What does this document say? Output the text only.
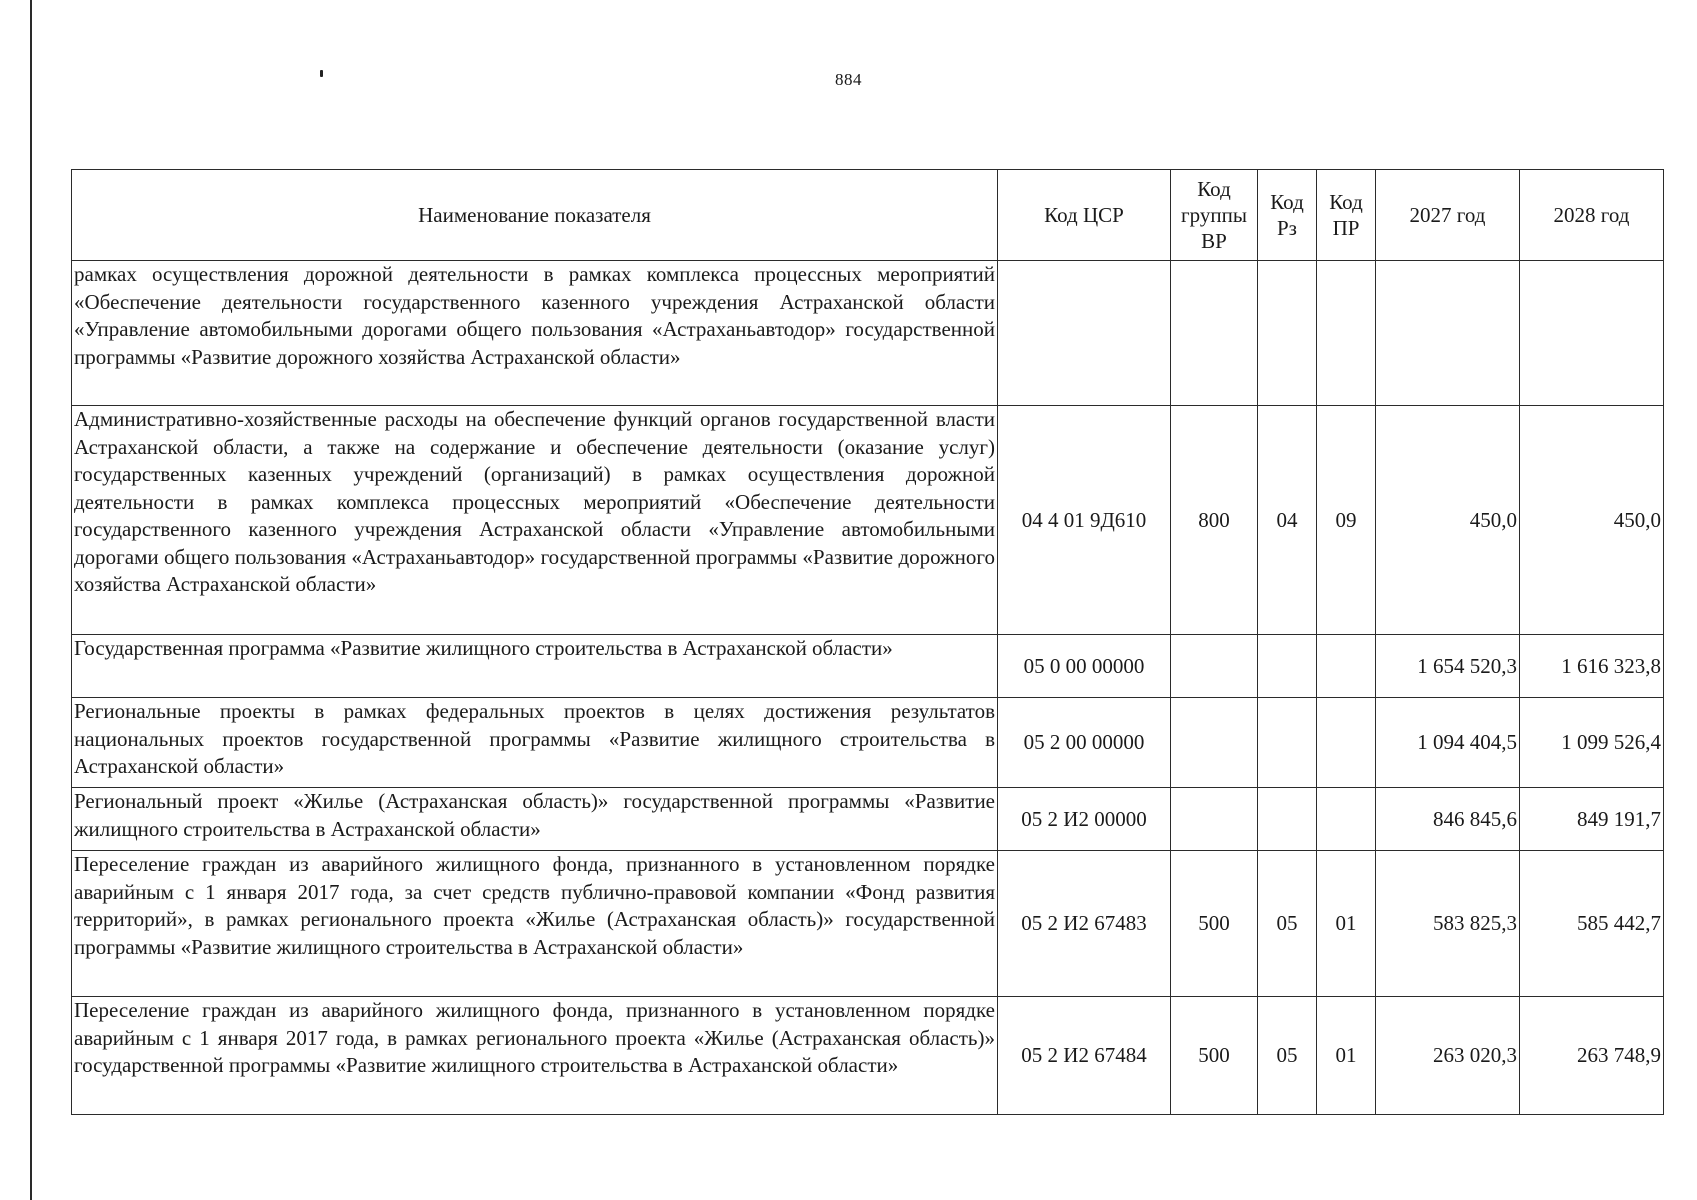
884
Наименование показателя	Код ЦСР	Код группы ВР	Код Рз	Код ПР	2027 год	2028 год
рамках осуществления дорожной деятельности в рамках комплекса процессных мероприятий «Обеспечение деятельности государственного казенного учреждения Астраханской области «Управление автомобильными дорогами общего пользования «Астраханьавтодор» государственной программы «Развитие дорожного хозяйства Астраханской области»						
Административно-хозяйственные расходы на обеспечение функций органов государственной власти Астраханской области, а также на содержание и обеспечение деятельности (оказание услуг) государственных казенных учреждений (организаций) в рамках осуществления дорожной деятельности в рамках комплекса процессных мероприятий «Обеспечение деятельности государственного казенного учреждения Астраханской области «Управление автомобильными дорогами общего пользования «Астраханьавтодор» государственной программы «Развитие дорожного хозяйства Астраханской области»	04 4 01 9Д610	800	04	09	450,0	450,0
Государственная программа «Развитие жилищного строительства в Астраханской области»	05 0 00 00000				1 654 520,3	1 616 323,8
Региональные проекты в рамках федеральных проектов в целях достижения результатов национальных проектов государственной программы «Развитие жилищного строительства в Астраханской области»	05 2 00 00000				1 094 404,5	1 099 526,4
Региональный проект «Жилье (Астраханская область)» государственной программы «Развитие жилищного строительства в Астраханской области»	05 2 И2 00000				846 845,6	849 191,7
Переселение граждан из аварийного жилищного фонда, признанного в установленном порядке аварийным с 1 января 2017 года, за счет средств публично-правовой компании «Фонд развития территорий», в рамках регионального проекта «Жилье (Астраханская область)» государственной программы «Развитие жилищного строительства в Астраханской области»	05 2 И2 67483	500	05	01	583 825,3	585 442,7
Переселение граждан из аварийного жилищного фонда, признанного в установленном порядке аварийным с 1 января 2017 года, в рамках регионального проекта «Жилье (Астраханская область)» государственной программы «Развитие жилищного строительства в Астраханской области»	05 2 И2 67484	500	05	01	263 020,3	263 748,9
